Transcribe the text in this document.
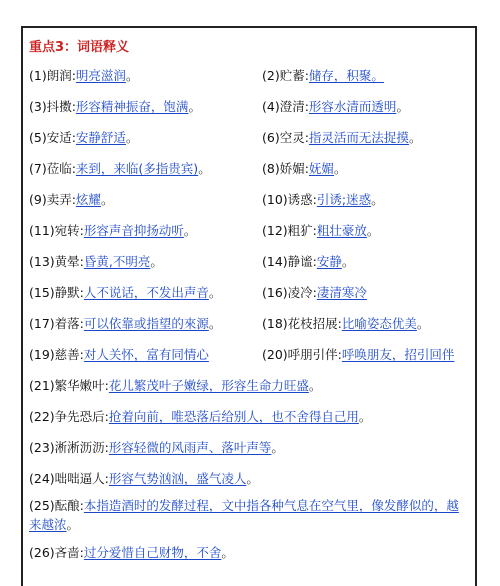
重点3：词语释义
(1)朗润:明亮滋润。	(2)贮蓄:储存，积聚。
(3)抖擞:形容精神振奋，饱满。	(4)澄清:形容水清而透明。
(5)安适:安静舒适。	(6)空灵:指灵活而无法捉摸。
(7)莅临:来到，来临(多指贵宾)。	(8)娇媚:妩媚。
(9)卖弄:炫耀。	(10)诱惑:引诱;迷惑。
(11)宛转:形容声音抑扬动听。	(12)粗犷:粗壮豪放。
(13)黄晕:昏黄,不明亮。	(14)静谧:安静。
(15)静默:人不说话，不发出声音。	(16)凌冷:凄清寒冷
(17)着落:可以依靠或指望的來源。	(18)花枝招展:比喻姿态优美。
(19)慈善:对人关怀，富有同情心	(20)呼朋引伴:呼唤朋友，招引回伴
(21)繁华嫩叶:花儿繁茂叶子嫩绿，形容生命力旺盛。
(22)争先恐后:抢着向前，唯恐落后给别人，也不舍得自己用。
(23)淅淅沥沥:形容轻微的风雨声、落叶声等。
(24)咄咄逼人:形容气势汹汹，盛气凌人。
(25)酝酿:本指造酒时的发酵过程，文中指各种气息在空气里，像发酵似的，越来越浓。
(26)吝啬:过分爱惜自己财物，不舍。
